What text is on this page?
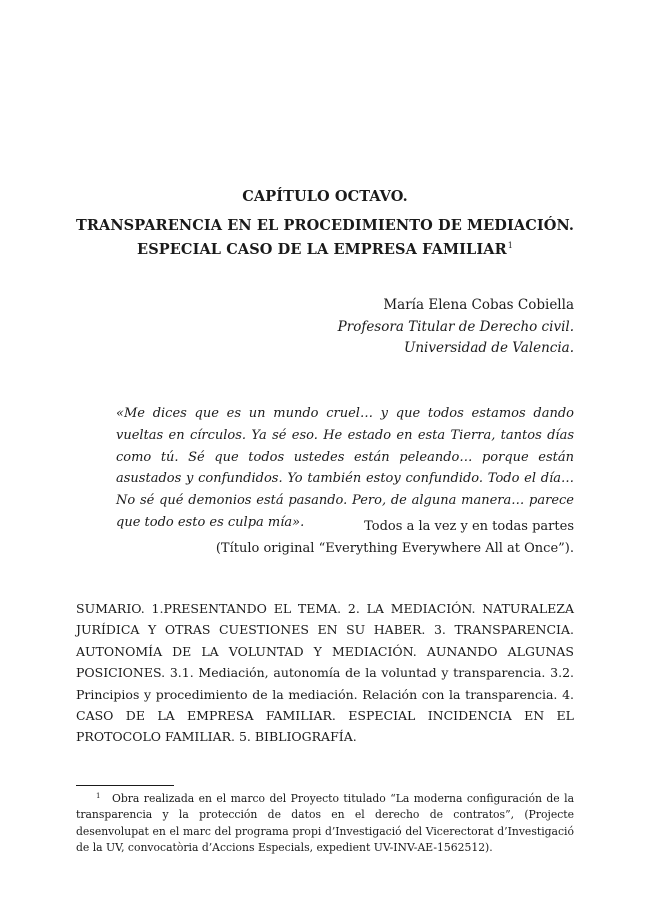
CAPÍTULO OCTAVO.
TRANSPARENCIA EN EL PROCEDIMIENTO DE MEDIACIÓN.
ESPECIAL CASO DE LA EMPRESA FAMILIAR$^1$
María Elena Cobas Cobiella
Profesora Titular de Derecho civil.
Universidad de Valencia.
«Me dices que es un mundo cruel… y que todos estamos dando vueltas en círculos. Ya sé eso. He estado en esta Tierra, tantos días como tú. Sé que todos ustedes están peleando… porque están asustados y confundidos. Yo también estoy confundido. Todo el día… No sé qué demonios está pasando. Pero, de alguna manera… parece que todo esto es culpa mía».	Todos a la vez y en todas partes
(Título original “Everything Everywhere All at Once”).
SUMARIO. 1.PRESENTANDO EL TEMA. 2. LA MEDIACIÓN. NATURALEZA JURÍDICA Y OTRAS CUESTIONES EN SU HABER. 3. TRANSPARENCIA. AUTONOMÍA DE LA VOLUNTAD Y MEDIACIÓN. AUNANDO ALGUNAS POSICIONES. 3.1. Mediación, autonomía de la voluntad y transparencia. 3.2. Principios y procedimiento de la mediación. Relación con la transparencia. 4. CASO DE LA EMPRESA FAMILIAR. ESPECIAL INCIDENCIA EN EL PROTOCOLO FAMILIAR. 5. BIBLIOGRAFÍA.
1 Obra realizada en el marco del Proyecto titulado “La moderna configuración de la transparencia y la protección de datos en el derecho de contratos”, (Projecte desenvolupat en el marc del programa propi d’Investigació del Vicerectorat d’Investigació de la UV, convocatòria d’Accions Especials, expedient UV-INV-AE-1562512).
